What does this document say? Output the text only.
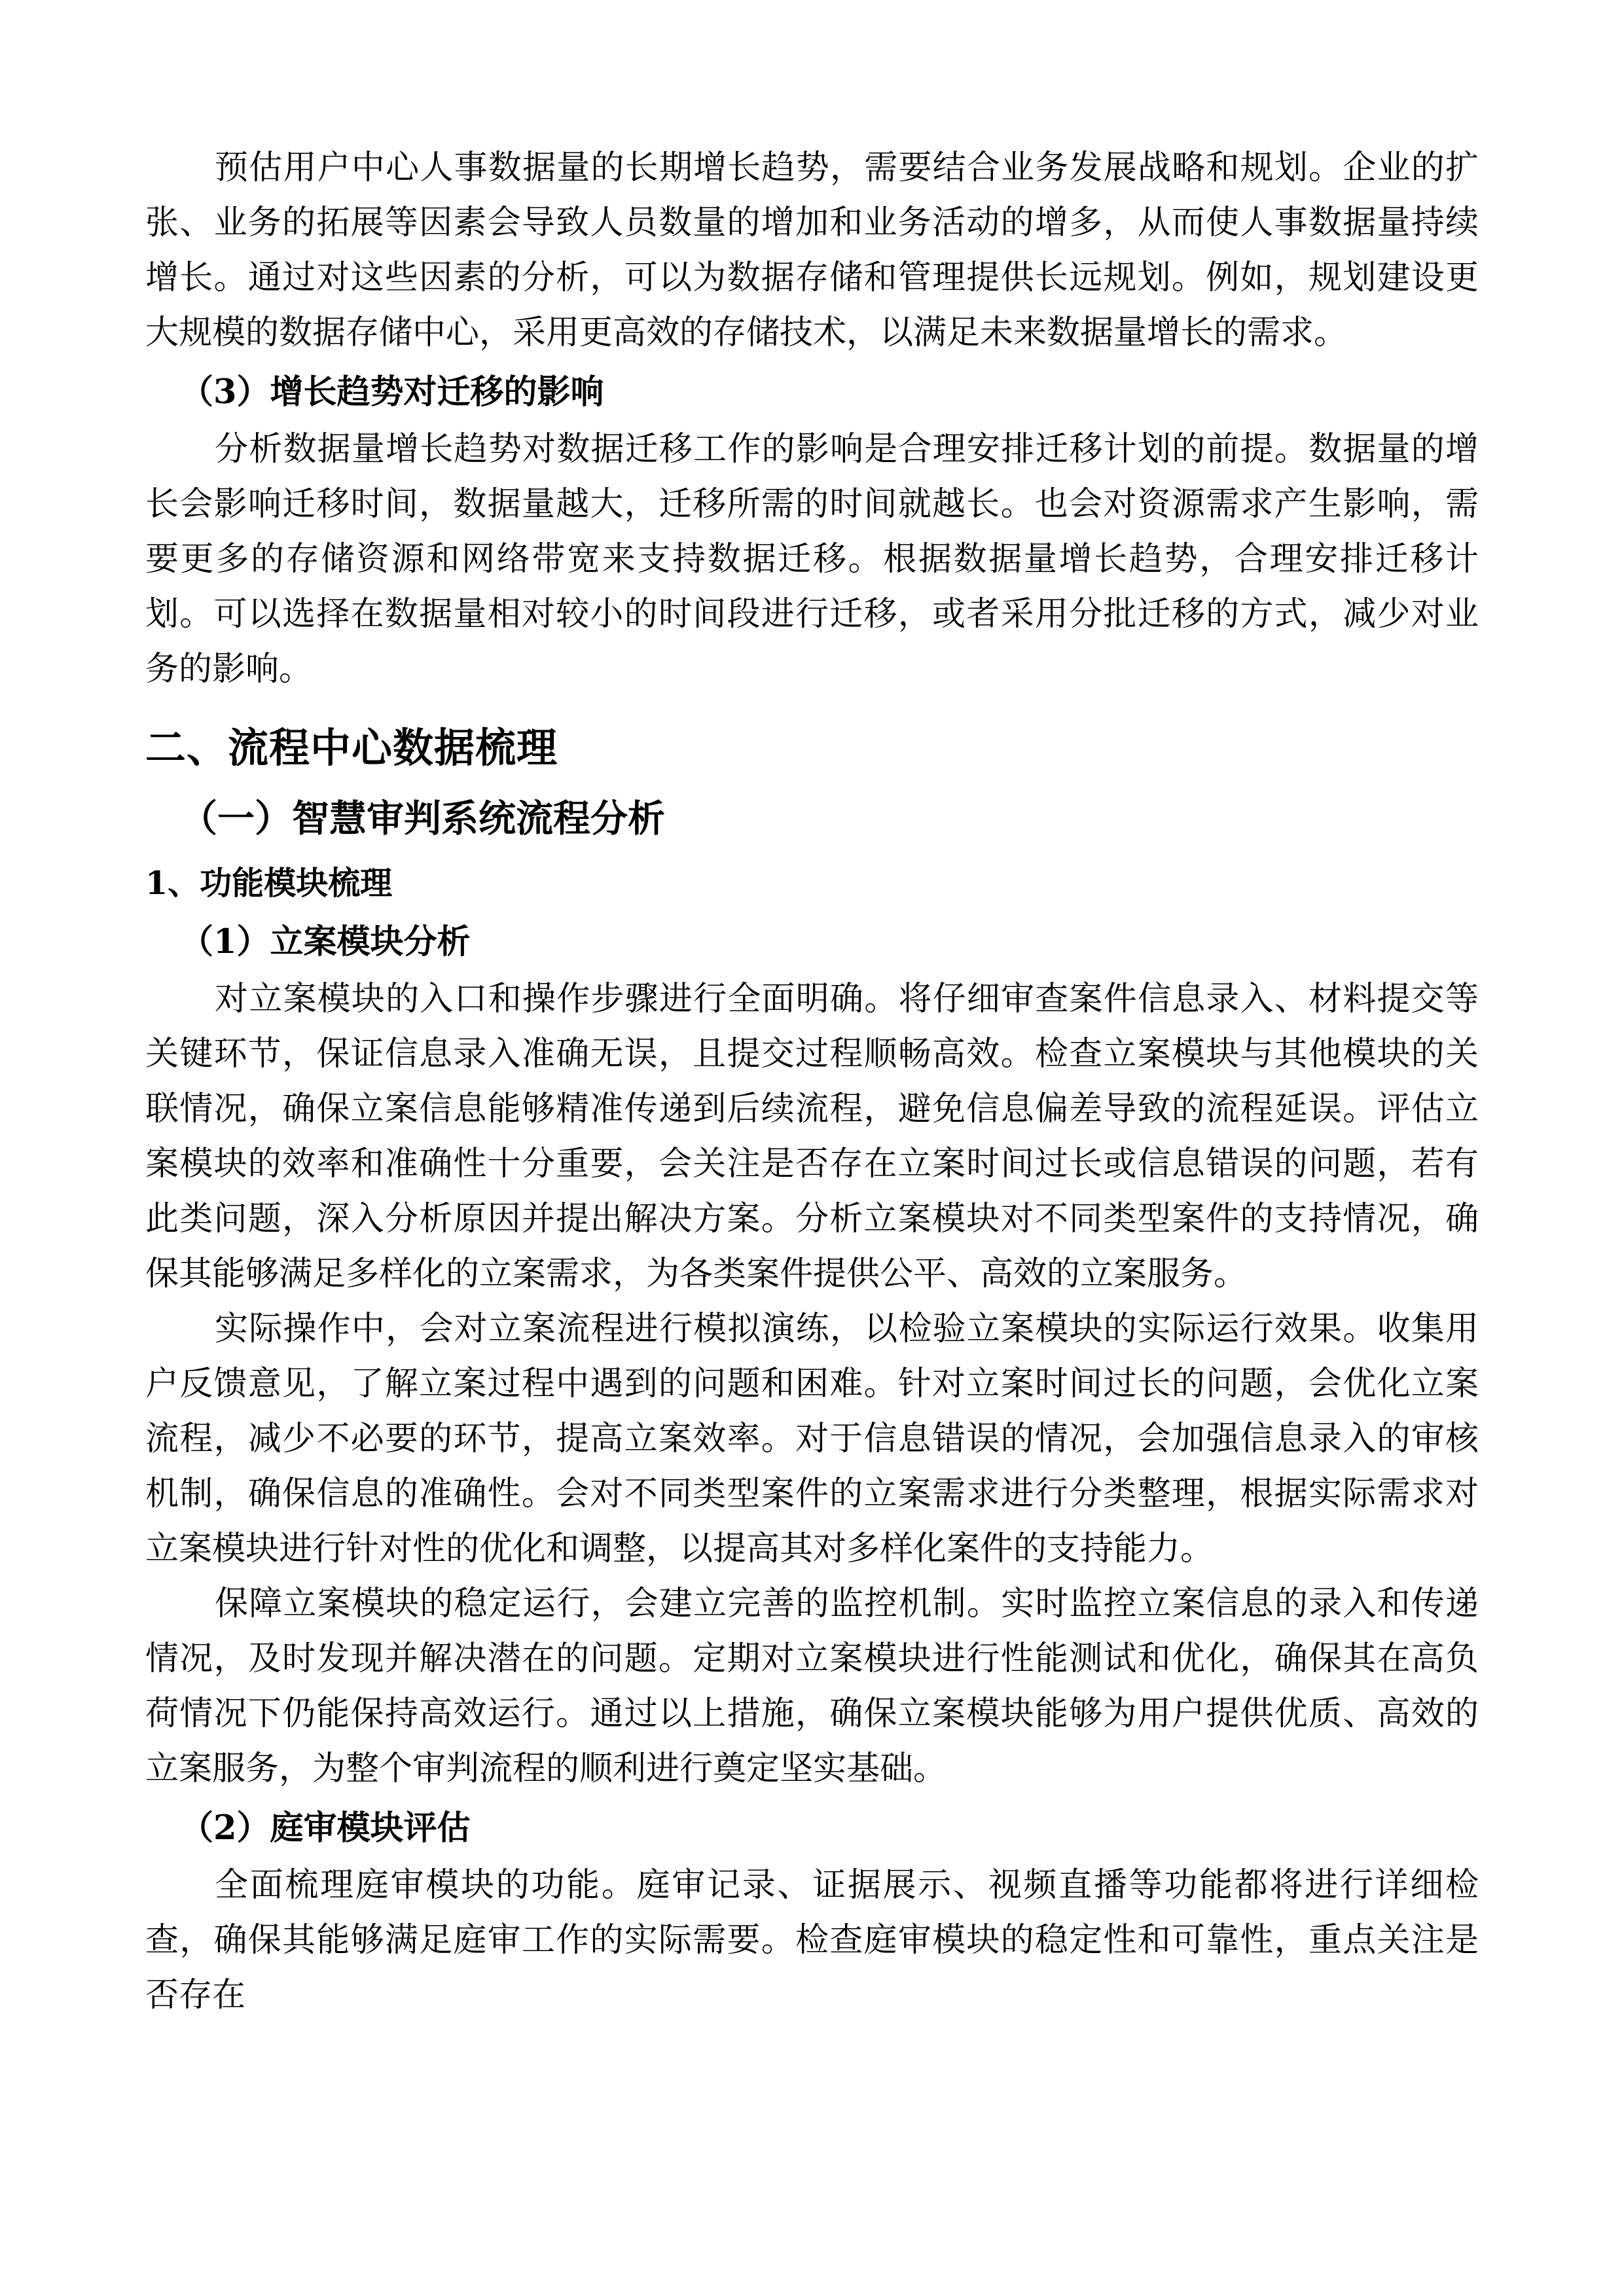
预估用户中心人事数据量的长期增长趋势，需要结合业务发展战略和规划。企业的扩张、业务的拓展等因素会导致人员数量的增加和业务活动的增多，从而使人事数据量持续增长。通过对这些因素的分析，可以为数据存储和管理提供长远规划。例如，规划建设更大规模的数据存储中心，采用更高效的存储技术，以满足未来数据量增长的需求。

（3）增长趋势对迁移的影响

分析数据量增长趋势对数据迁移工作的影响是合理安排迁移计划的前提。数据量的增长会影响迁移时间，数据量越大，迁移所需的时间就越长。也会对资源需求产生影响，需要更多的存储资源和网络带宽来支持数据迁移。根据数据量增长趋势，合理安排迁移计划。可以选择在数据量相对较小的时间段进行迁移，或者采用分批迁移的方式，减少对业务的影响。

二、流程中心数据梳理
（一）智慧审判系统流程分析
1、功能模块梳理

（1）立案模块分析

对立案模块的入口和操作步骤进行全面明确。将仔细审查案件信息录入、材料提交等关键环节，保证信息录入准确无误，且提交过程顺畅高效。检查立案模块与其他模块的关联情况，确保立案信息能够精准传递到后续流程，避免信息偏差导致的流程延误。评估立案模块的效率和准确性十分重要，会关注是否存在立案时间过长或信息错误的问题，若有此类问题，深入分析原因并提出解决方案。分析立案模块对不同类型案件的支持情况，确保其能够满足多样化的立案需求，为各类案件提供公平、高效的立案服务。

实际操作中，会对立案流程进行模拟演练，以检验立案模块的实际运行效果。收集用户反馈意见，了解立案过程中遇到的问题和困难。针对立案时间过长的问题，会优化立案流程，减少不必要的环节，提高立案效率。对于信息错误的情况，会加强信息录入的审核机制，确保信息的准确性。会对不同类型案件的立案需求进行分类整理，根据实际需求对立案模块进行针对性的优化和调整，以提高其对多样化案件的支持能力。

保障立案模块的稳定运行，会建立完善的监控机制。实时监控立案信息的录入和传递情况，及时发现并解决潜在的问题。定期对立案模块进行性能测试和优化，确保其在高负荷情况下仍能保持高效运行。通过以上措施，确保立案模块能够为用户提供优质、高效的立案服务，为整个审判流程的顺利进行奠定坚实基础。

（2）庭审模块评估

全面梳理庭审模块的功能。庭审记录、证据展示、视频直播等功能都将进行详细检查，确保其能够满足庭审工作的实际需要。检查庭审模块的稳定性和可靠性，重点关注是否存在
